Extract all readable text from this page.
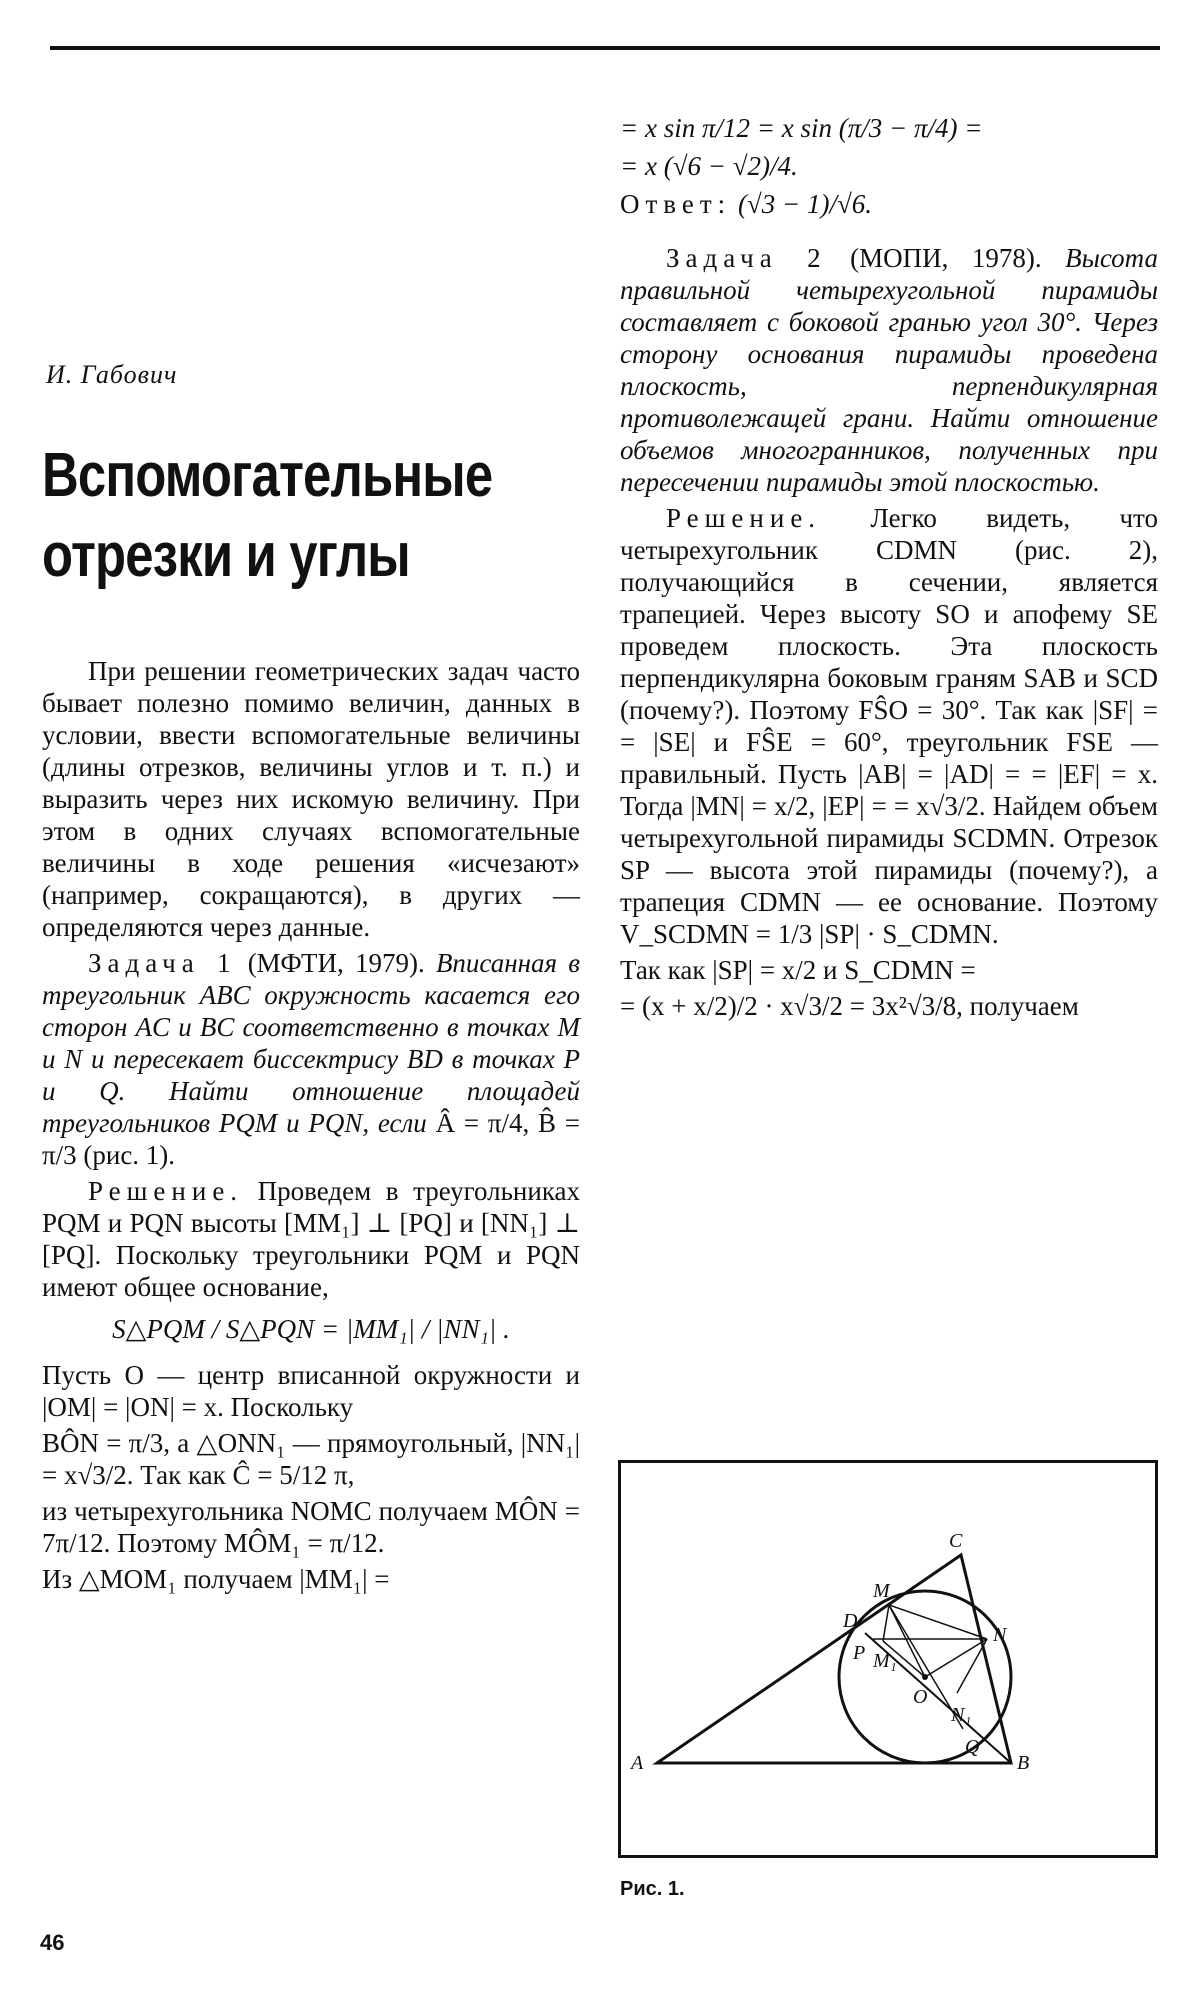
И. Габович
Вспомогательные
отрезки и углы

При решении геометрических задач часто бывает полезно помимо величин, данных в условии, ввести вспомогательные величины (длины отрезков, величины углов и т. п.) и выразить через них искомую величину. При этом в одних случаях вспомогательные величины в ходе решения «исчезают» (например, сокращаются), в других — определяются через данные.

Задача 1 (МФТИ, 1979). Вписанная в треугольник ABC окружность касается его сторон AC и BC соответственно в точках M и N и пересекает биссектрису BD в точках P и Q. Найти отношение площадей треугольников PQM и PQN, если Â = π/4, B̂ = π/3 (рис. 1).

Решение. Проведем в треугольниках PQM и PQN высоты [MM₁] ⊥ [PQ] и [NN₁] ⊥ [PQ]. Поскольку треугольники PQM и PQN имеют общее основание,

S△PQM / S△PQN = |MM₁| / |NN₁| .

Пусть O — центр вписанной окружности и |OM| = |ON| = x. Поскольку

BÔN = π/3, а △ONN₁ — прямоугольный, |NN₁| = x√3/2. Так как Ĉ = 5/12 π,

из четырехугольника NOMC получаем MÔN = 7π/12. Поэтому MÔM₁ = π/12.

Из △MOM₁ получаем |MM₁| =

= x sin π/12 = x sin (π/3 − π/4) =
= x (√6 − √2)/4.

Ответ: (√3 − 1)/√6.

Задача 2 (МОПИ, 1978). Высота правильной четырехугольной пирамиды составляет с боковой гранью угол 30°. Через сторону основания пирамиды проведена плоскость, перпендикулярная противолежащей грани. Найти отношение объемов многогранников, полученных при пересечении пирамиды этой плоскостью.

Решение. Легко видеть, что четырехугольник CDMN (рис. 2), получающийся в сечении, является трапецией. Через высоту SO и апофему SE проведем плоскость. Эта плоскость перпендикулярна боковым граням SAB и SCD (почему?). Поэтому FŜO = 30°. Так как |SF| = = |SE| и FŜE = 60°, треугольник FSE — правильный. Пусть |AB| = |AD| = = |EF| = x. Тогда |MN| = x/2, |EP| = = x√3/2. Найдем объем четырехугольной пирамиды SCDMN. Отрезок SP — высота этой пирамиды (почему?), а трапеция CDMN — ее основание. Поэтому V_SCDMN = 1/3 |SP| · S_CDMN.

Так как |SP| = x/2 и S_CDMN =

= (x + x/2)/2 · x√3/2 = 3x²√3/8, получаем

A	B
C
D
M
N
P
Q
O
M₁
N₁
Рис. 1.
46
